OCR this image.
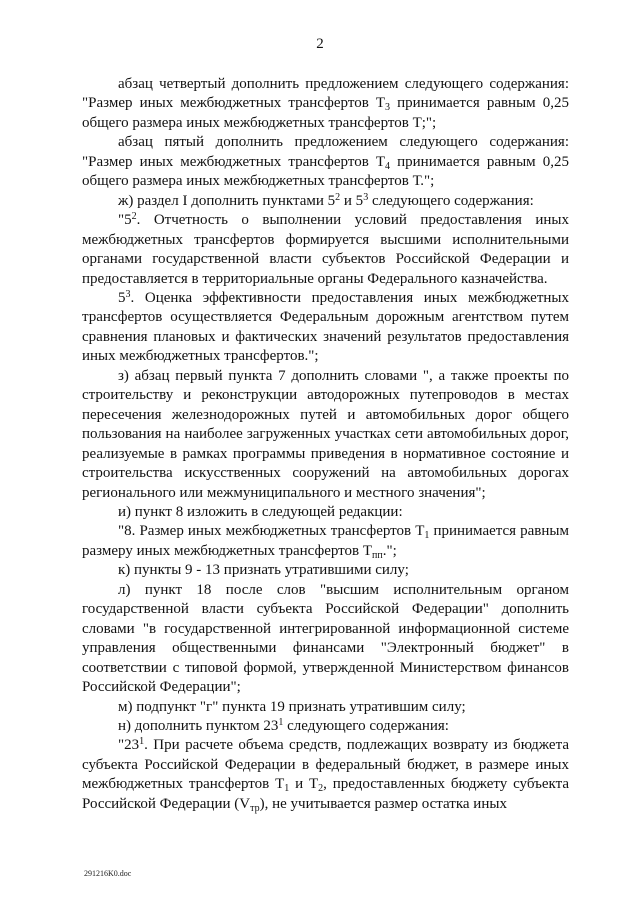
2

абзац четвертый дополнить предложением следующего содержания: "Размер иных межбюджетных трансфертов $Т_3$ принимается равным 0,25 общего размера иных межбюджетных трансфертов Т;";

абзац пятый дополнить предложением следующего содержания: "Размер иных межбюджетных трансфертов $Т_4$ принимается равным 0,25 общего размера иных межбюджетных трансфертов Т.";

ж) раздел I дополнить пунктами $5^2$ и $5^3$ следующего содержания:

"$5^2$. Отчетность о выполнении условий предоставления иных межбюджетных трансфертов формируется высшими исполнительными органами государственной власти субъектов Российской Федерации и предоставляется в территориальные органы Федерального казначейства.

$5^3$. Оценка эффективности предоставления иных межбюджетных трансфертов осуществляется Федеральным дорожным агентством путем сравнения плановых и фактических значений результатов предоставления иных межбюджетных трансфертов.";

з) абзац первый пункта 7 дополнить словами ", а также проекты по строительству и реконструкции автодорожных путепроводов в местах пересечения железнодорожных путей и автомобильных дорог общего пользования на наиболее загруженных участках сети автомобильных дорог, реализуемые в рамках программы приведения в нормативное состояние и строительства искусственных сооружений на автомобильных дорогах регионального или межмуниципального и местного значения";

и) пункт 8 изложить в следующей редакции:

"8. Размер иных межбюджетных трансфертов $Т_1$ принимается равным размеру иных межбюджетных трансфертов $Т_{пп}$.";

к) пункты 9 - 13 признать утратившими силу;

л) пункт 18 после слов "высшим исполнительным органом государственной власти субъекта Российской Федерации" дополнить словами "в государственной интегрированной информационной системе управления общественными финансами "Электронный бюджет" в соответствии с типовой формой, утвержденной Министерством финансов Российской Федерации";

м) подпункт "г" пункта 19 признать утратившим силу;

н) дополнить пунктом $23^1$ следующего содержания:

"$23^1$. При расчете объема средств, подлежащих возврату из бюджета субъекта Российской Федерации в федеральный бюджет, в размере иных межбюджетных трансфертов $Т_1$ и $Т_2$, предоставленных бюджету субъекта Российской Федерации $(V_{тр})$, не учитывается размер остатка иных

291216K0.doc
